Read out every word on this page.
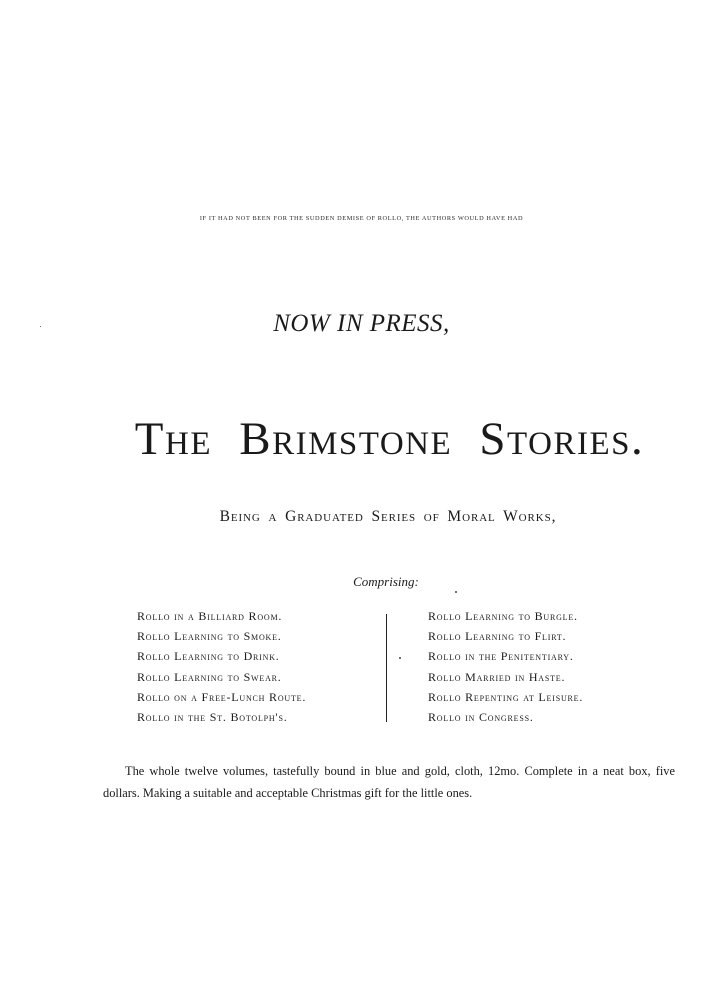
IF IT HAD NOT BEEN FOR THE SUDDEN DEMISE OF ROLLO, THE AUTHORS WOULD HAVE HAD
NOW IN PRESS,
The Brimstone Stories.
Being a Graduated Series of Moral Works,
Comprising:
Rollo in a Billiard Room.
Rollo Learning to Smoke.
Rollo Learning to Drink.
Rollo Learning to Swear.
Rollo on a Free-Lunch Route.
Rollo in the St. Botolph's.
Rollo Learning to Burgle.
Rollo Learning to Flirt.
Rollo in the Penitentiary.
Rollo Married in Haste.
Rollo Repenting at Leisure.
Rollo in Congress.

The whole twelve volumes, tastefully bound in blue and gold, cloth, 12mo. Complete in a neat box, five dollars. Making a suitable and acceptable Christmas gift for the little ones.
